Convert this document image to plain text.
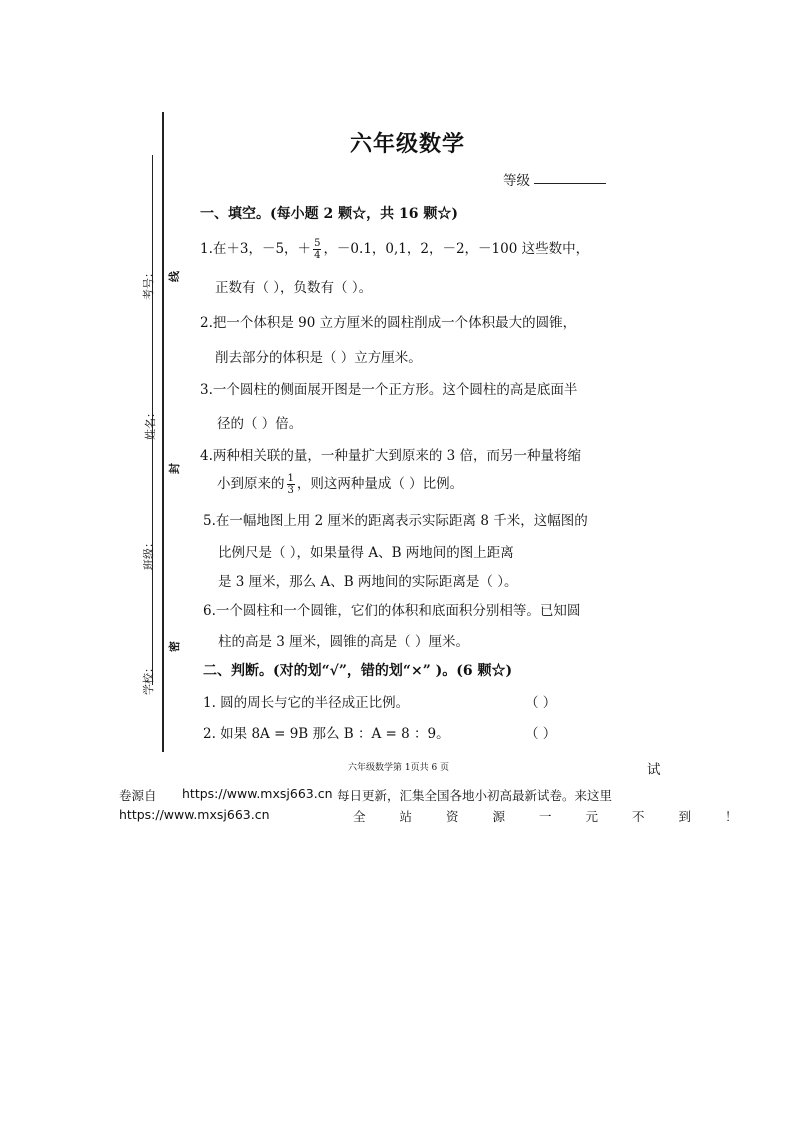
考号：
姓名：
班级：
学校：
线
封
密
六年级数学
等级
一、填空。(每小题 2 颗☆，共 16 颗☆)
1.在＋3，－5，＋ $\frac{5}{4}$ ，－0.1，0,1，2，－2，－100 这些数中，
正数有（ ），负数有（ ）。
2.把一个体积是 90 立方厘米的圆柱削成一个体积最大的圆锥，
削去部分的体积是（ ）立方厘米。
3.一个圆柱的侧面展开图是一个正方形。这个圆柱的高是底面半
径的（ ）倍。
4.两种相关联的量，一种量扩大到原来的 3 倍，而另一种量将缩
小到原来的 $\frac{1}{3}$ ，则这两种量成（ ）比例。
5.在一幅地图上用 2 厘米的距离表示实际距离 8 千米，这幅图的
比例尺是（ ），如果量得 A、B 两地间的图上距离
是 3 厘米，那么 A、B 两地间的实际距离是（ ）。
6.一个圆柱和一个圆锥，它们的体积和底面积分别相等。已知圆
柱的高是 3 厘米，圆锥的高是（ ）厘米。
二、判断。(对的划“√”，错的划“×” )。(6 颗☆)
1. 圆的周长与它的半径成正比例。	（ ）
2. 如果 8A = 9B 那么 B ：A = 8 ：9。	（ ）
六年级数学第 1页共 6 页	试
卷源自 https://www.mxsj663.cn 每日更新，汇集全国各地小初高最新试卷。来这里
https://www.mxsj663.cn	全站资源一元不到！
